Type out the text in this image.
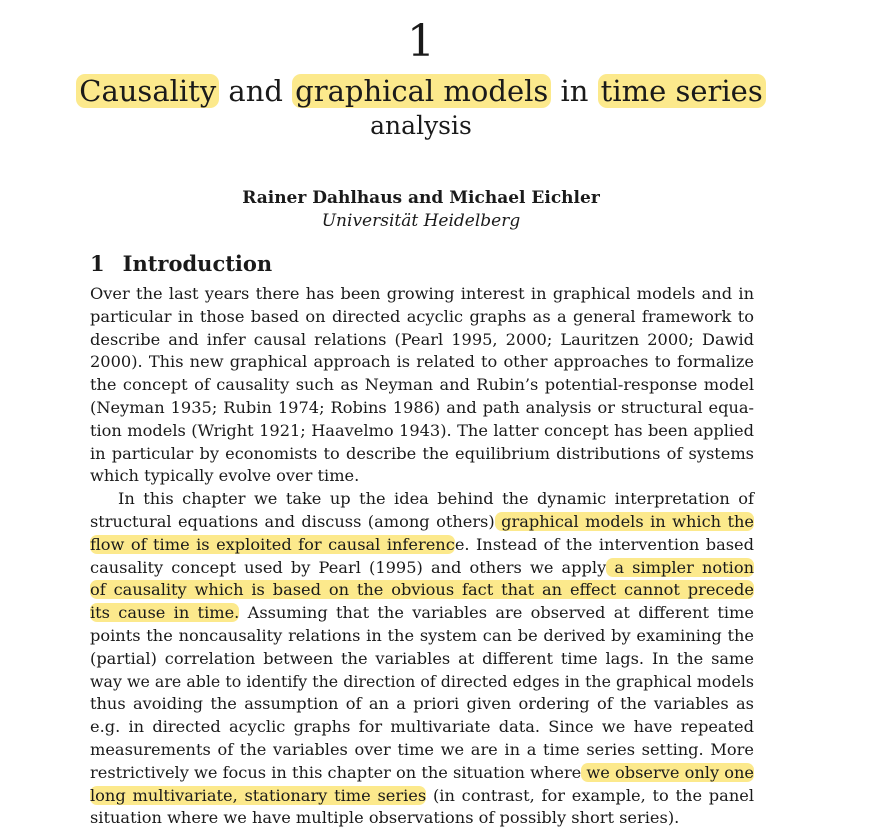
1
Causality and graphical models in time series
analysis
Rainer Dahlhaus and Michael Eichler
Universität Heidelberg
1 Introduction
Over the last years there has been growing interest in graphical models and in
particular in those based on directed acyclic graphs as a general framework to
describe and infer causal relations (Pearl 1995, 2000; Lauritzen 2000; Dawid
2000). This new graphical approach is related to other approaches to formalize
the concept of causality such as Neyman and Rubin’s potential-response model
(Neyman 1935; Rubin 1974; Robins 1986) and path analysis or structural equa-
tion models (Wright 1921; Haavelmo 1943). The latter concept has been applied
in particular by economists to describe the equilibrium distributions of systems
which typically evolve over time.
In this chapter we take up the idea behind the dynamic interpretation of
structural equations and discuss (among others) graphical models in which the
flow of time is exploited for causal inference. Instead of the intervention based
causality concept used by Pearl (1995) and others we apply a simpler notion
of causality which is based on the obvious fact that an effect cannot precede
its cause in time. Assuming that the variables are observed at different time
points the noncausality relations in the system can be derived by examining the
(partial) correlation between the variables at different time lags. In the same
way we are able to identify the direction of directed edges in the graphical models
thus avoiding the assumption of an a priori given ordering of the variables as
e.g. in directed acyclic graphs for multivariate data. Since we have repeated
measurements of the variables over time we are in a time series setting. More
restrictively we focus in this chapter on the situation where we observe only one
long multivariate, stationary time series (in contrast, for example, to the panel
situation where we have multiple observations of possibly short series).
